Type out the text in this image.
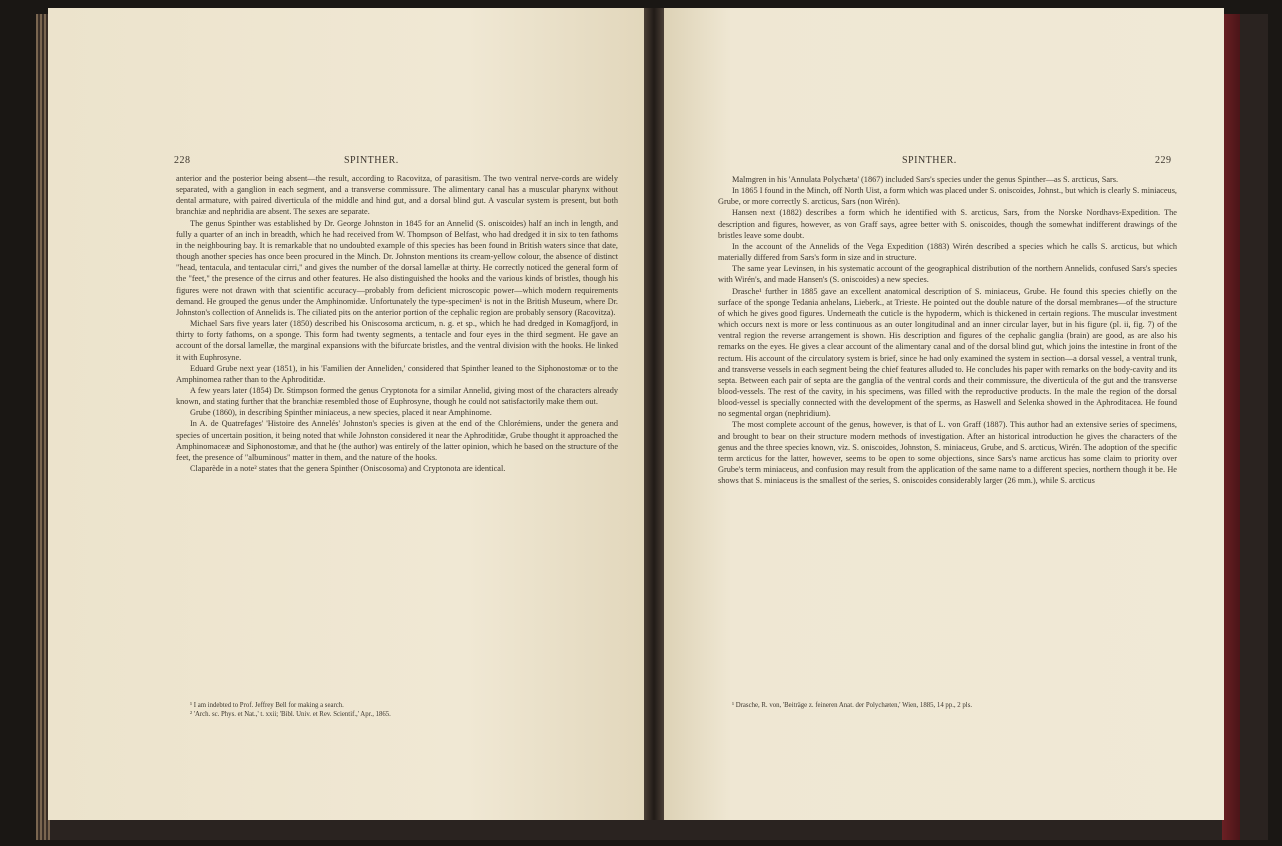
228	SPINTHER.

anterior and the posterior being absent—the result, according to Racovitza, of parasitism. The two ventral nerve-cords are widely separated, with a ganglion in each segment, and a transverse commissure. The alimentary canal has a muscular pharynx without dental armature, with paired diverticula of the middle and hind gut, and a dorsal blind gut. A vascular system is present, but both branchiæ and nephridia are absent. The sexes are separate.

The genus Spinther was established by Dr. George Johnston in 1845 for an Annelid (S. oniscoides) half an inch in length, and fully a quarter of an inch in breadth, which he had received from W. Thompson of Belfast, who had dredged it in six to ten fathoms in the neighbouring bay. It is remarkable that no undoubted example of this species has been found in British waters since that date, though another species has once been procured in the Minch. Dr. Johnston mentions its cream-yellow colour, the absence of distinct "head, tentacula, and tentacular cirri," and gives the number of the dorsal lamellæ at thirty. He correctly noticed the general form of the "feet," the presence of the cirrus and other features. He also distinguished the hooks and the various kinds of bristles, though his figures were not drawn with that scientific accuracy—probably from deficient microscopic power—which modern requirements demand. He grouped the genus under the Amphinomidæ. Unfortunately the type-specimen¹ is not in the British Museum, where Dr. Johnston's collection of Annelids is. The ciliated pits on the anterior portion of the cephalic region are probably sensory (Racovitza).

Michael Sars five years later (1850) described his Oniscosoma arcticum, n. g. et sp., which he had dredged in Komagfjord, in thirty to forty fathoms, on a sponge. This form had twenty segments, a tentacle and four eyes in the third segment. He gave an account of the dorsal lamellæ, the marginal expansions with the bifurcate bristles, and the ventral division with the hooks. He linked it with Euphrosyne.

Eduard Grube next year (1851), in his 'Familien der Anneliden,' considered that Spinther leaned to the Siphonostomæ or to the Amphinomea rather than to the Aphroditidæ.

A few years later (1854) Dr. Stimpson formed the genus Cryptonota for a similar Annelid, giving most of the characters already known, and stating further that the branchiæ resembled those of Euphrosyne, though he could not satisfactorily make them out.

Grube (1860), in describing Spinther miniaceus, a new species, placed it near Amphinome.

In A. de Quatrefages' 'Histoire des Annelés' Johnston's species is given at the end of the Chlorémiens, under the genera and species of uncertain position, it being noted that while Johnston considered it near the Aphroditidæ, Grube thought it approached the Amphinomaceæ and Siphonostomæ, and that he (the author) was entirely of the latter opinion, which he based on the structure of the feet, the presence of "albuminous" matter in them, and the nature of the hooks.

Claparède in a note² states that the genera Spinther (Oniscosoma) and Cryptonota are identical.

¹ I am indebted to Prof. Jeffrey Bell for making a search.

² 'Arch. sc. Phys. et Nat.,' t. xxii; 'Bibl. Univ. et Rev. Scientif.,' Apr., 1865.

SPINTHER.	229

Malmgren in his 'Annulata Polychæta' (1867) included Sars's species under the genus Spinther—as S. arcticus, Sars.

In 1865 I found in the Minch, off North Uist, a form which was placed under S. oniscoides, Johnst., but which is clearly S. miniaceus, Grube, or more correctly S. arcticus, Sars (non Wirén).

Hansen next (1882) describes a form which he identified with S. arcticus, Sars, from the Norske Nordhavs-Expedition. The description and figures, however, as von Graff says, agree better with S. oniscoides, though the somewhat indifferent drawings of the bristles leave some doubt.

In the account of the Annelids of the Vega Expedition (1883) Wirén described a species which he calls S. arcticus, but which materially differed from Sars's form in size and in structure.

The same year Levinsen, in his systematic account of the geographical distribution of the northern Annelids, confused Sars's species with Wirén's, and made Hansen's (S. oniscoides) a new species.

Drasche¹ further in 1885 gave an excellent anatomical description of S. miniaceus, Grube. He found this species chiefly on the surface of the sponge Tedania anhelans, Lieberk., at Trieste. He pointed out the double nature of the dorsal membranes—of the structure of which he gives good figures. Underneath the cuticle is the hypoderm, which is thickened in certain regions. The muscular investment which occurs next is more or less continuous as an outer longitudinal and an inner circular layer, but in his figure (pl. ii, fig. 7) of the ventral region the reverse arrangement is shown. His description and figures of the cephalic ganglia (brain) are good, as are also his remarks on the eyes. He gives a clear account of the alimentary canal and of the dorsal blind gut, which joins the intestine in front of the rectum. His account of the circulatory system is brief, since he had only examined the system in section—a dorsal vessel, a ventral trunk, and transverse vessels in each segment being the chief features alluded to. He concludes his paper with remarks on the body-cavity and its septa. Between each pair of septa are the ganglia of the ventral cords and their commissure, the diverticula of the gut and the transverse blood-vessels. The rest of the cavity, in his specimens, was filled with the reproductive products. In the male the region of the dorsal blood-vessel is specially connected with the development of the sperms, as Haswell and Selenka showed in the Aphroditacea. He found no segmental organ (nephridium).

The most complete account of the genus, however, is that of L. von Graff (1887). This author had an extensive series of specimens, and brought to bear on their structure modern methods of investigation. After an historical introduction he gives the characters of the genus and the three species known, viz. S. oniscoides, Johnston, S. miniaceus, Grube, and S. arcticus, Wirén. The adoption of the specific term arcticus for the latter, however, seems to be open to some objections, since Sars's name arcticus has some claim to priority over Grube's term miniaceus, and confusion may result from the application of the same name to a different species, northern though it be. He shows that S. miniaceus is the smallest of the series, S. oniscoides considerably larger (26 mm.), while S. arcticus

¹ Drasche, R. von, 'Beiträge z. feineren Anat. der Polychæten,' Wien, 1885, 14 pp., 2 pls.
